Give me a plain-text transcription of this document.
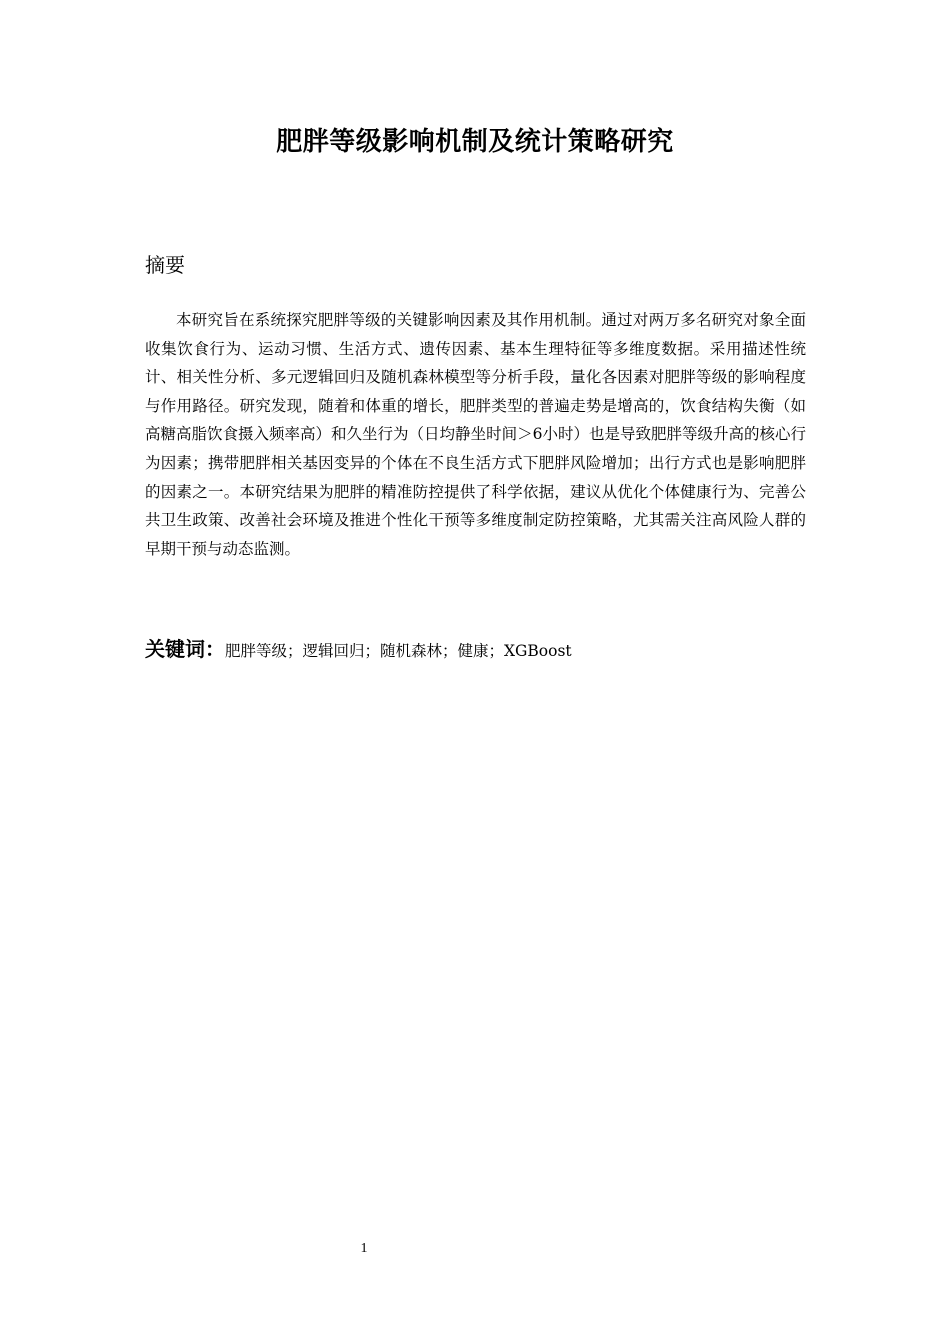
肥胖等级影响机制及统计策略研究
摘要

本研究旨在系统探究肥胖等级的关键影响因素及其作用机制。通过对两万多名研究对象全面收集饮食行为、运动习惯、生活方式、遗传因素、基本生理特征等多维度数据。采用描述性统计、相关性分析、多元逻辑回归及随机森林模型等分析手段，量化各因素对肥胖等级的影响程度与作用路径。研究发现，随着和体重的增长，肥胖类型的普遍走势是增高的，饮食结构失衡（如高糖高脂饮食摄入频率高）和久坐行为（日均静坐时间＞6小时）也是导致肥胖等级升高的核心行为因素；携带肥胖相关基因变异的个体在不良生活方式下肥胖风险增加；出行方式也是影响肥胖的因素之一。本研究结果为肥胖的精准防控提供了科学依据，建议从优化个体健康行为、完善公共卫生政策、改善社会环境及推进个性化干预等多维度制定防控策略，尤其需关注高风险人群的早期干预与动态监测。

关键词：肥胖等级；逻辑回归；随机森林；健康；XGBoost
1
